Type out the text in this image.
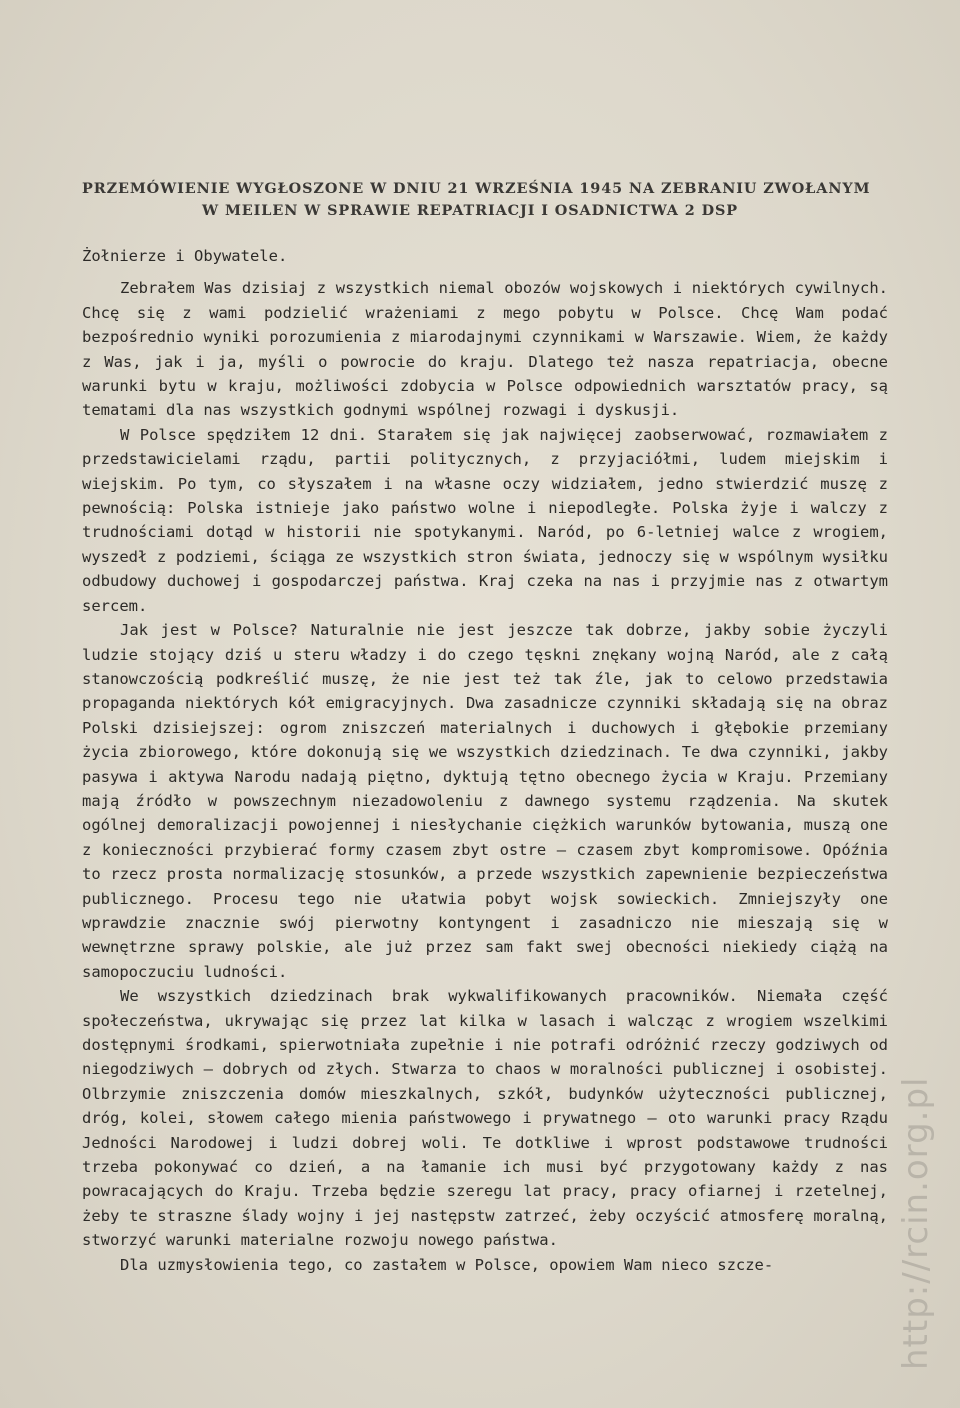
PRZEMÓWIENIE WYGŁOSZONE W DNIU 21 WRZEŚNIA 1945 NA ZEBRANIU ZWOŁANYM
W MEILEN W SPRAWIE REPATRIACJI I OSADNICTWA 2 DSP

Żołnierze i Obywatele.

Zebrałem Was dzisiaj z wszystkich niemal obozów wojskowych i niektórych cywilnych. Chcę się z wami podzielić wrażeniami z mego pobytu w Polsce. Chcę Wam podać bezpośrednio wyniki porozumienia z miarodajnymi czynnikami w Warszawie. Wiem, że każdy z Was, jak i ja, myśli o powrocie do kraju. Dlatego też nasza repatriacja, obecne warunki bytu w kraju, możliwości zdobycia w Polsce odpowiednich warsztatów pracy, są tematami dla nas wszystkich godnymi wspólnej rozwagi i dyskusji.

W Polsce spędziłem 12 dni. Starałem się jak najwięcej zaobserwować, rozmawiałem z przedstawicielami rządu, partii politycznych, z przyjaciółmi, ludem miejskim i wiejskim. Po tym, co słyszałem i na własne oczy widziałem, jedno stwierdzić muszę z pewnością: Polska istnieje jako państwo wolne i niepodległe. Polska żyje i walczy z trudnościami dotąd w historii nie spotykanymi. Naród, po 6-letniej walce z wrogiem, wyszedł z podziemi, ściąga ze wszystkich stron świata, jednoczy się w wspólnym wysiłku odbudowy duchowej i gospodarczej państwa. Kraj czeka na nas i przyjmie nas z otwartym sercem.

Jak jest w Polsce? Naturalnie nie jest jeszcze tak dobrze, jakby sobie życzyli ludzie stojący dziś u steru władzy i do czego tęskni znękany wojną Naród, ale z całą stanowczością podkreślić muszę, że nie jest też tak źle, jak to celowo przedstawia propaganda niektórych kół emigracyjnych. Dwa zasadnicze czynniki składają się na obraz Polski dzisiejszej: ogrom zniszczeń materialnych i duchowych i głębokie przemiany życia zbiorowego, które dokonują się we wszystkich dziedzinach. Te dwa czynniki, jakby pasywa i aktywa Narodu nadają piętno, dyktują tętno obecnego życia w Kraju. Przemiany mają źródło w powszechnym niezadowoleniu z dawnego systemu rządzenia. Na skutek ogólnej demoralizacji powojennej i niesłychanie ciężkich warunków bytowania, muszą one z konieczności przybierać formy czasem zbyt ostre — czasem zbyt kompromisowe. Opóźnia to rzecz prosta normalizację stosunków, a przede wszystkich zapewnienie bezpieczeństwa publicznego. Procesu tego nie ułatwia pobyt wojsk sowieckich. Zmniejszyły one wprawdzie znacznie swój pierwotny kontyngent i zasadniczo nie mieszają się w wewnętrzne sprawy polskie, ale już przez sam fakt swej obecności niekiedy ciążą na samopoczuciu ludności.

We wszystkich dziedzinach brak wykwalifikowanych pracowników. Niemała część społeczeństwa, ukrywając się przez lat kilka w lasach i walcząc z wrogiem wszelkimi dostępnymi środkami, spierwotniała zupełnie i nie potrafi odróżnić rzeczy godziwych od niegodziwych — dobrych od złych. Stwarza to chaos w moralności publicznej i osobistej. Olbrzymie zniszczenia domów mieszkalnych, szkół, budynków użyteczności publicznej, dróg, kolei, słowem całego mienia państwowego i prywatnego — oto warunki pracy Rządu Jedności Narodowej i ludzi dobrej woli. Te dotkliwe i wprost podstawowe trudności trzeba pokonywać co dzień, a na łamanie ich musi być przygotowany każdy z nas powracających do Kraju. Trzeba będzie szeregu lat pracy, pracy ofiarnej i rzetelnej, żeby te straszne ślady wojny i jej następstw zatrzeć, żeby oczyścić atmosferę moralną, stworzyć warunki materialne rozwoju nowego państwa.

Dla uzmysłowienia tego, co zastałem w Polsce, opowiem Wam nieco szcze-	http://rcin.org.pl
